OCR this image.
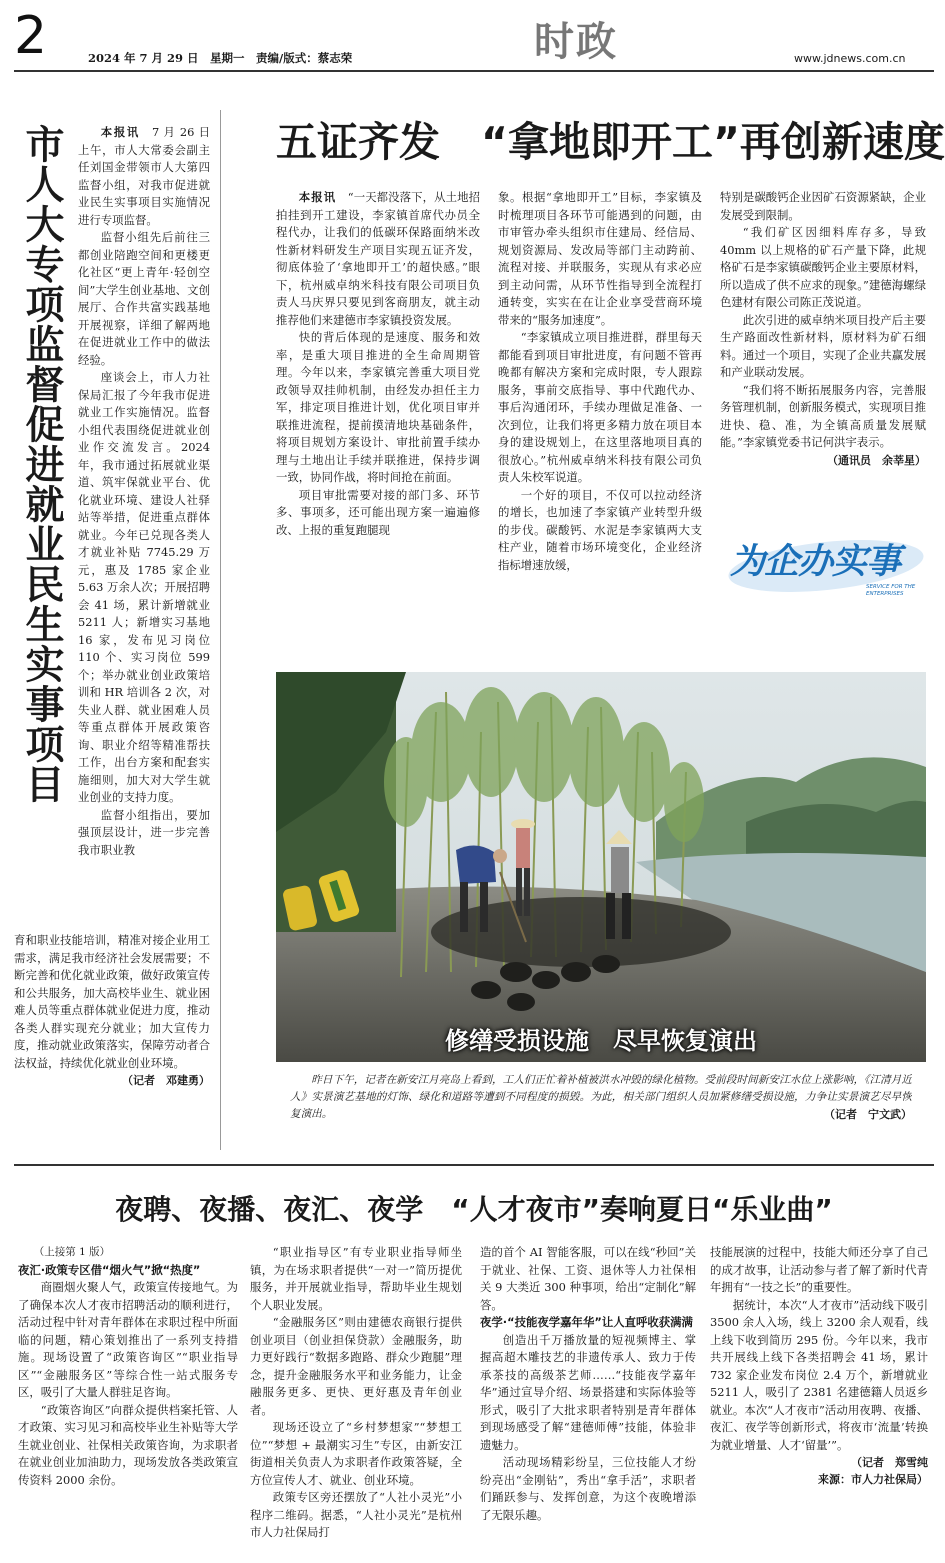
2	2024 年 7 月 29 日　星期一　责编/版式：蔡志荣	时政	www.jdnews.com.cn
市人大专项监督促进就业民生实事项目	本报讯　 7 月 26 日上午，市人大常委会副主任刘国金带领市人大第四监督小组，对我市促进就业民生实事项目实施情况进行专项监督。

监督小组先后前往三都创业陪跑空间和更楼更化社区“更上青年·轻创空间”大学生创业基地、文创展厅、合作共富实践基地开展视察，详细了解两地在促进就业工作中的做法经验。

座谈会上，市人力社保局汇报了今年我市促进就业工作实施情况。监督小组代表围绕促进就业创业作交流发言。2024 年，我市通过拓展就业渠道、筑牢保就业平台、优化就业环境、建设人社驿站等举措，促进重点群体就业。今年已兑现各类人才就业补贴 7745.29 万元，惠及 1785 家企业 5.63 万余人次；开展招聘会 41 场，累计新增就业 5211 人；新增实习基地 16 家，发布见习岗位 110 个、实习岗位 599 个；举办就业创业政策培训和 HR 培训各 2 次，对失业人群、就业困难人员等重点群体开展政策咨询、职业介绍等精准帮扶工作，出台方案和配套实施细则，加大对大学生就业创业的支持力度。

监督小组指出，要加强顶层设计，进一步完善我市职业教

育和职业技能培训，精准对接企业用工需求，满足我市经济社会发展需要；不断完善和优化就业政策，做好政策宣传和公共服务，加大高校毕业生、就业困难人员等重点群体就业促进力度，推动各类人群实现充分就业；加大宣传力度，推动就业政策落实，保障劳动者合法权益，持续优化就业创业环境。

（记者　邓建勇）
五证齐发　“拿地即开工”再创新速度

本报讯　 “一天都没落下，从土地招拍挂到开工建设，李家镇首席代办员全程代办，让我们的低碳环保路面纳米改性新材料研发生产项目实现五证齐发，彻底体验了‘拿地即开工’的超快感。”眼下，杭州威卓纳米科技有限公司项目负责人马庆界只要见到客商朋友，就主动推荐他们来建德市李家镇投资发展。

快的背后体现的是速度、服务和效率，是重大项目推进的全生命周期管理。今年以来，李家镇完善重大项目党政领导双挂帅机制，由经发办担任主力军，排定项目推进计划，优化项目审并联推进流程，提前摸清地块基础条件，将项目规划方案设计、审批前置手续办理与土地出让手续并联推进，保持步调一致，协同作战，将时间抢在前面。

项目审批需要对接的部门多、环节多、事项多，还可能出现方案一遍遍修改、上报的重复跑腿现

象。根据“拿地即开工”目标，李家镇及时梳理项目各环节可能遇到的问题，由市审管办牵头组织市住建局、经信局、规划资源局、发改局等部门主动跨前、流程对接、并联服务，实现从有求必应到主动问需，从环节性指导到全流程打通转变，实实在在让企业享受营商环境带来的“服务加速度”。

“李家镇成立项目推进群，群里每天都能看到项目审批进度，有问题不管再晚都有解决方案和完成时限，专人跟踪服务，事前交底指导、事中代跑代办、事后沟通闭环，手续办理做足准备、一次到位，让我们将更多精力放在项目本身的建设规划上，在这里落地项目真的很放心。”杭州威卓纳米科技有限公司负责人朱校军说道。

一个好的项目，不仅可以拉动经济的增长，也加速了李家镇产业转型升级的步伐。碳酸钙、水泥是李家镇两大支柱产业，随着市场环境变化，企业经济指标增速放缓，

特别是碳酸钙企业因矿石资源紧缺，企业发展受到限制。

“我们矿区因细料库存多，导致 40mm 以上规格的矿石产量下降，此规格矿石是李家镇碳酸钙企业主要原材料，所以造成了供不应求的现象。”建德海螺绿色建材有限公司陈正茂说道。

此次引进的威卓纳米项目投产后主要生产路面改性新材料，原材料为矿石细料。通过一个项目，实现了企业共赢发展和产业联动发展。

“我们将不断拓展服务内容，完善服务管理机制，创新服务模式，实现项目推进快、稳、准，为全镇高质量发展赋能。”李家镇党委书记何洪宇表示。

（通讯员　余莘星）
为企办实事
SERVICE FOR THE
ENTERPRISES
修缮受损设施　尽早恢复演出

昨日下午，记者在新安江月亮岛上看到，工人们正忙着补植被洪水冲毁的绿化植物。受前段时间新安江水位上涨影响，《江清月近人》实景演艺基地的灯饰、绿化和道路等遭到不同程度的损毁。为此，相关部门组织人员加紧修缮受损设施，力争让实景演艺尽早恢复演出。	（记者　宁文武）
夜聘、夜播、夜汇、夜学　“人才夜市”奏响夏日“乐业曲”

（上接第 1 版）

夜汇·政策专区借“烟火气”掀“热度”

商圈烟火聚人气，政策宣传接地气。为了确保本次人才夜市招聘活动的顺利进行，活动过程中针对青年群体在求职过程中所面临的问题，精心策划推出了一系列支持措施。现场设置了“政策咨询区”“职业指导区”“金融服务区”等综合性一站式服务专区，吸引了大量人群驻足咨询。

“政策咨询区”向群众提供档案托管、人才政策、实习见习和高校毕业生补贴等大学生就业创业、社保相关政策咨询，为求职者在就业创业加油助力，现场发放各类政策宣传资料 2000 余份。

“职业指导区”有专业职业指导师坐镇，为在场求职者提供“一对一”简历提优服务，并开展就业指导，帮助毕业生规划个人职业发展。

“金融服务区”则由建德农商银行提供创业项目（创业担保贷款）金融服务，助力更好践行“数据多跑路、群众少跑腿”理念，提升金融服务水平和业务能力，让金融服务更多、更快、更好惠及青年创业者。

现场还设立了“乡村梦想家”“梦想工位”“梦想 + 最潮实习生”专区，由新安江街道相关负责人为求职者作政策答疑，全方位宣传人才、就业、创业环境。

政策专区旁还摆放了“人社小灵光”小程序二维码。据悉，“人社小灵光”是杭州市人力社保局打

造的首个 AI 智能客服，可以在线“秒回”关于就业、社保、工资、退休等人力社保相关 9 大类近 300 种事项，给出“定制化”解答。

夜学·“技能夜学嘉年华”让人直呼收获满满

创造出千万播放量的短视频博主、掌握高超木雕技艺的非遗传承人、致力于传承茶技的高级茶艺师……“技能夜学嘉年华”通过宣导介绍、场景搭建和实际体验等形式，吸引了大批求职者特别是青年群体到现场感受了解“建德师傅”技能，体验非遗魅力。

活动现场精彩纷呈，三位技能人才纷纷亮出“金刚钻”，秀出“拿手活”，求职者们踊跃参与、发挥创意，为这个夜晚增添了无限乐趣。

技能展演的过程中，技能大师还分享了自己的成才故事，让活动参与者了解了新时代青年拥有“一技之长”的重要性。

据统计，本次“人才夜市”活动线下吸引 3500 余人入场，线上 3200 余人观看，线上线下收到简历 295 份。今年以来，我市共开展线上线下各类招聘会 41 场，累计 732 家企业发布岗位 2.4 万个，新增就业 5211 人，吸引了 2381 名建德籍人员返乡就业。本次“人才夜市”活动用夜聘、夜播、夜汇、夜学等创新形式，将夜市‘流量’转换为就业增量、人才‘留量’”。

（记者　郑雪纯
来源：市人力社保局）
